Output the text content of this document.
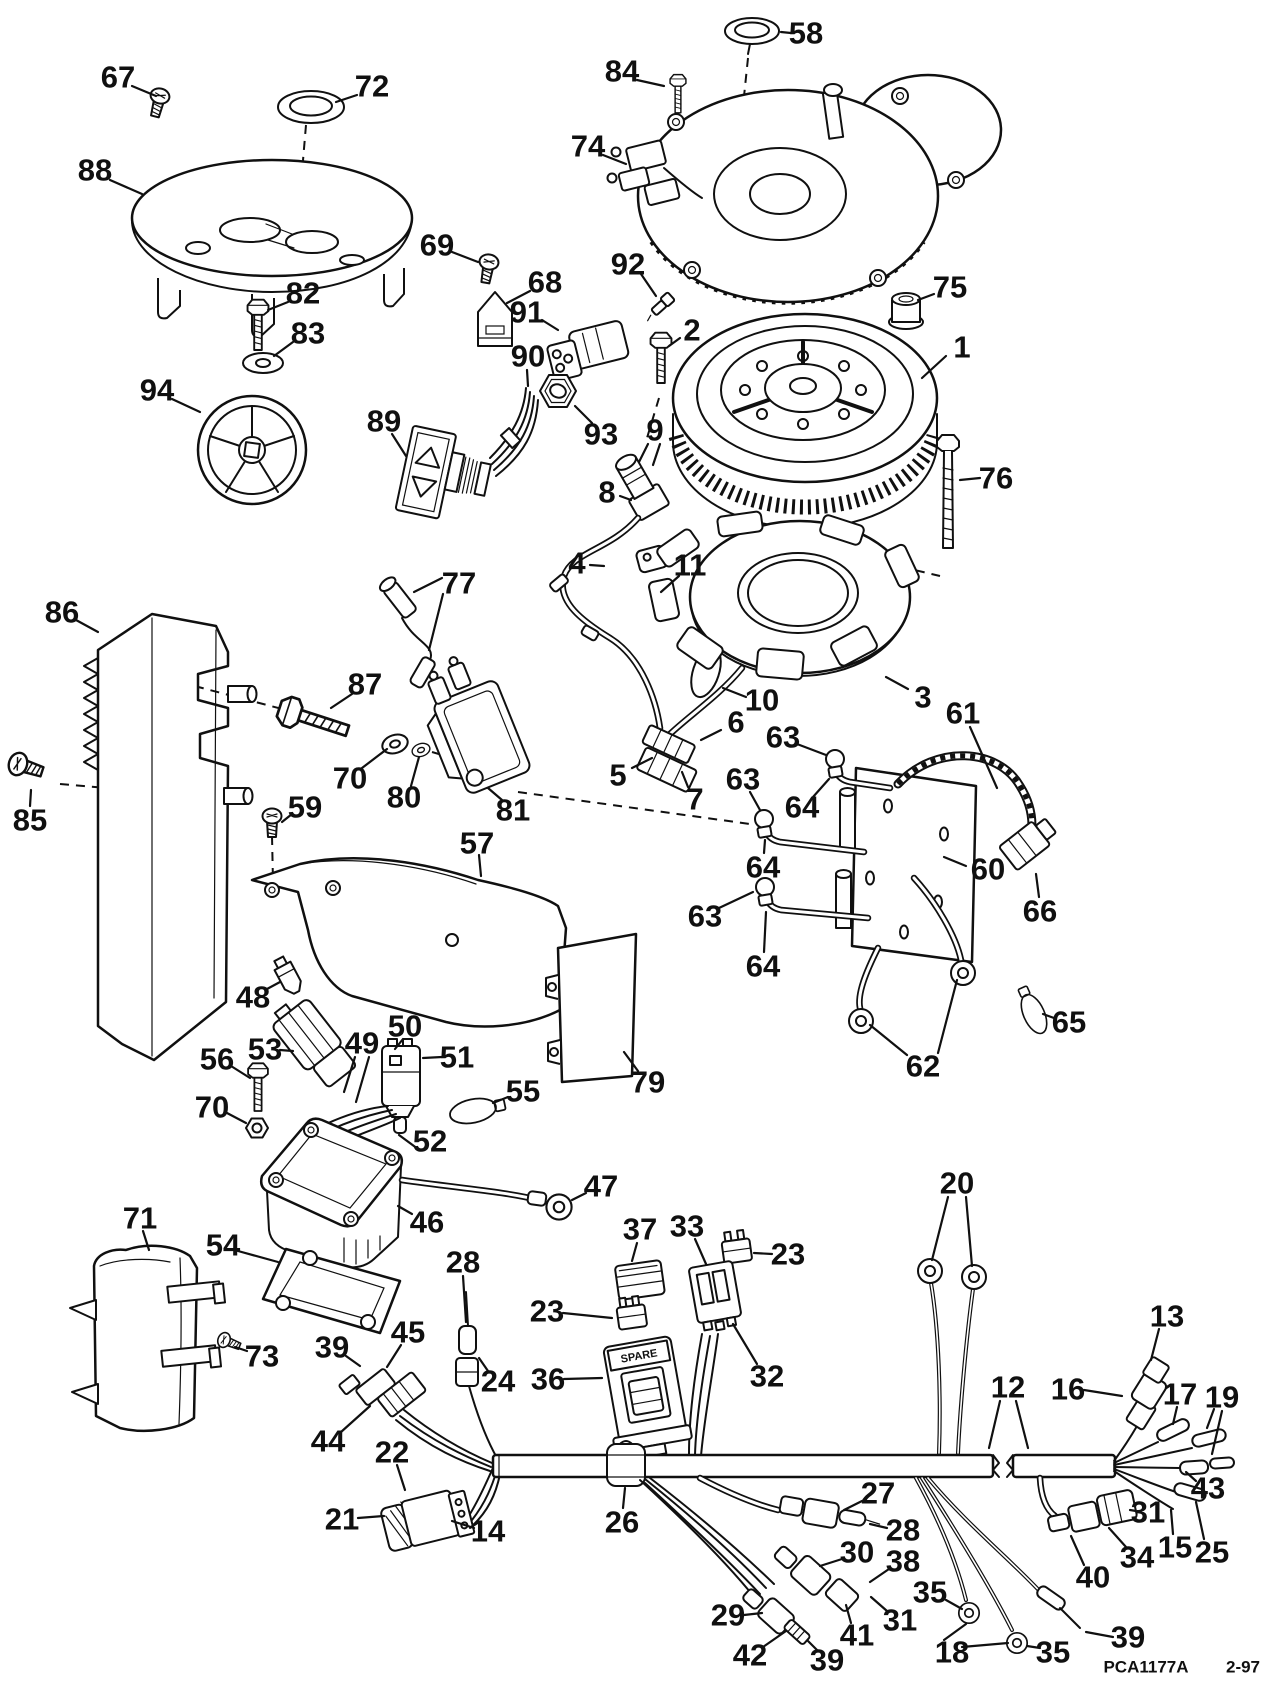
SPARE
58
67	84
72
74
88
69
92
68	75
82
2
91
83
90	1
89
94
93 9
8	76
4	11
86
77
87
70
80 81
85	59
57
79
10
6
5
7
3
63
64
63
64
63
64
61
60
66
65
62
48
53
56
70
49 50
51
55
52
47
46
71
54
73
28
37 33
23
23
36	32
24
45
39
44 22
21	14	26
20
12
13
16	17 19
43
15 25
31
34
40
27
28
30 38
31
41
29
42 39
35
18 35 39
PCA1177A 2-97
